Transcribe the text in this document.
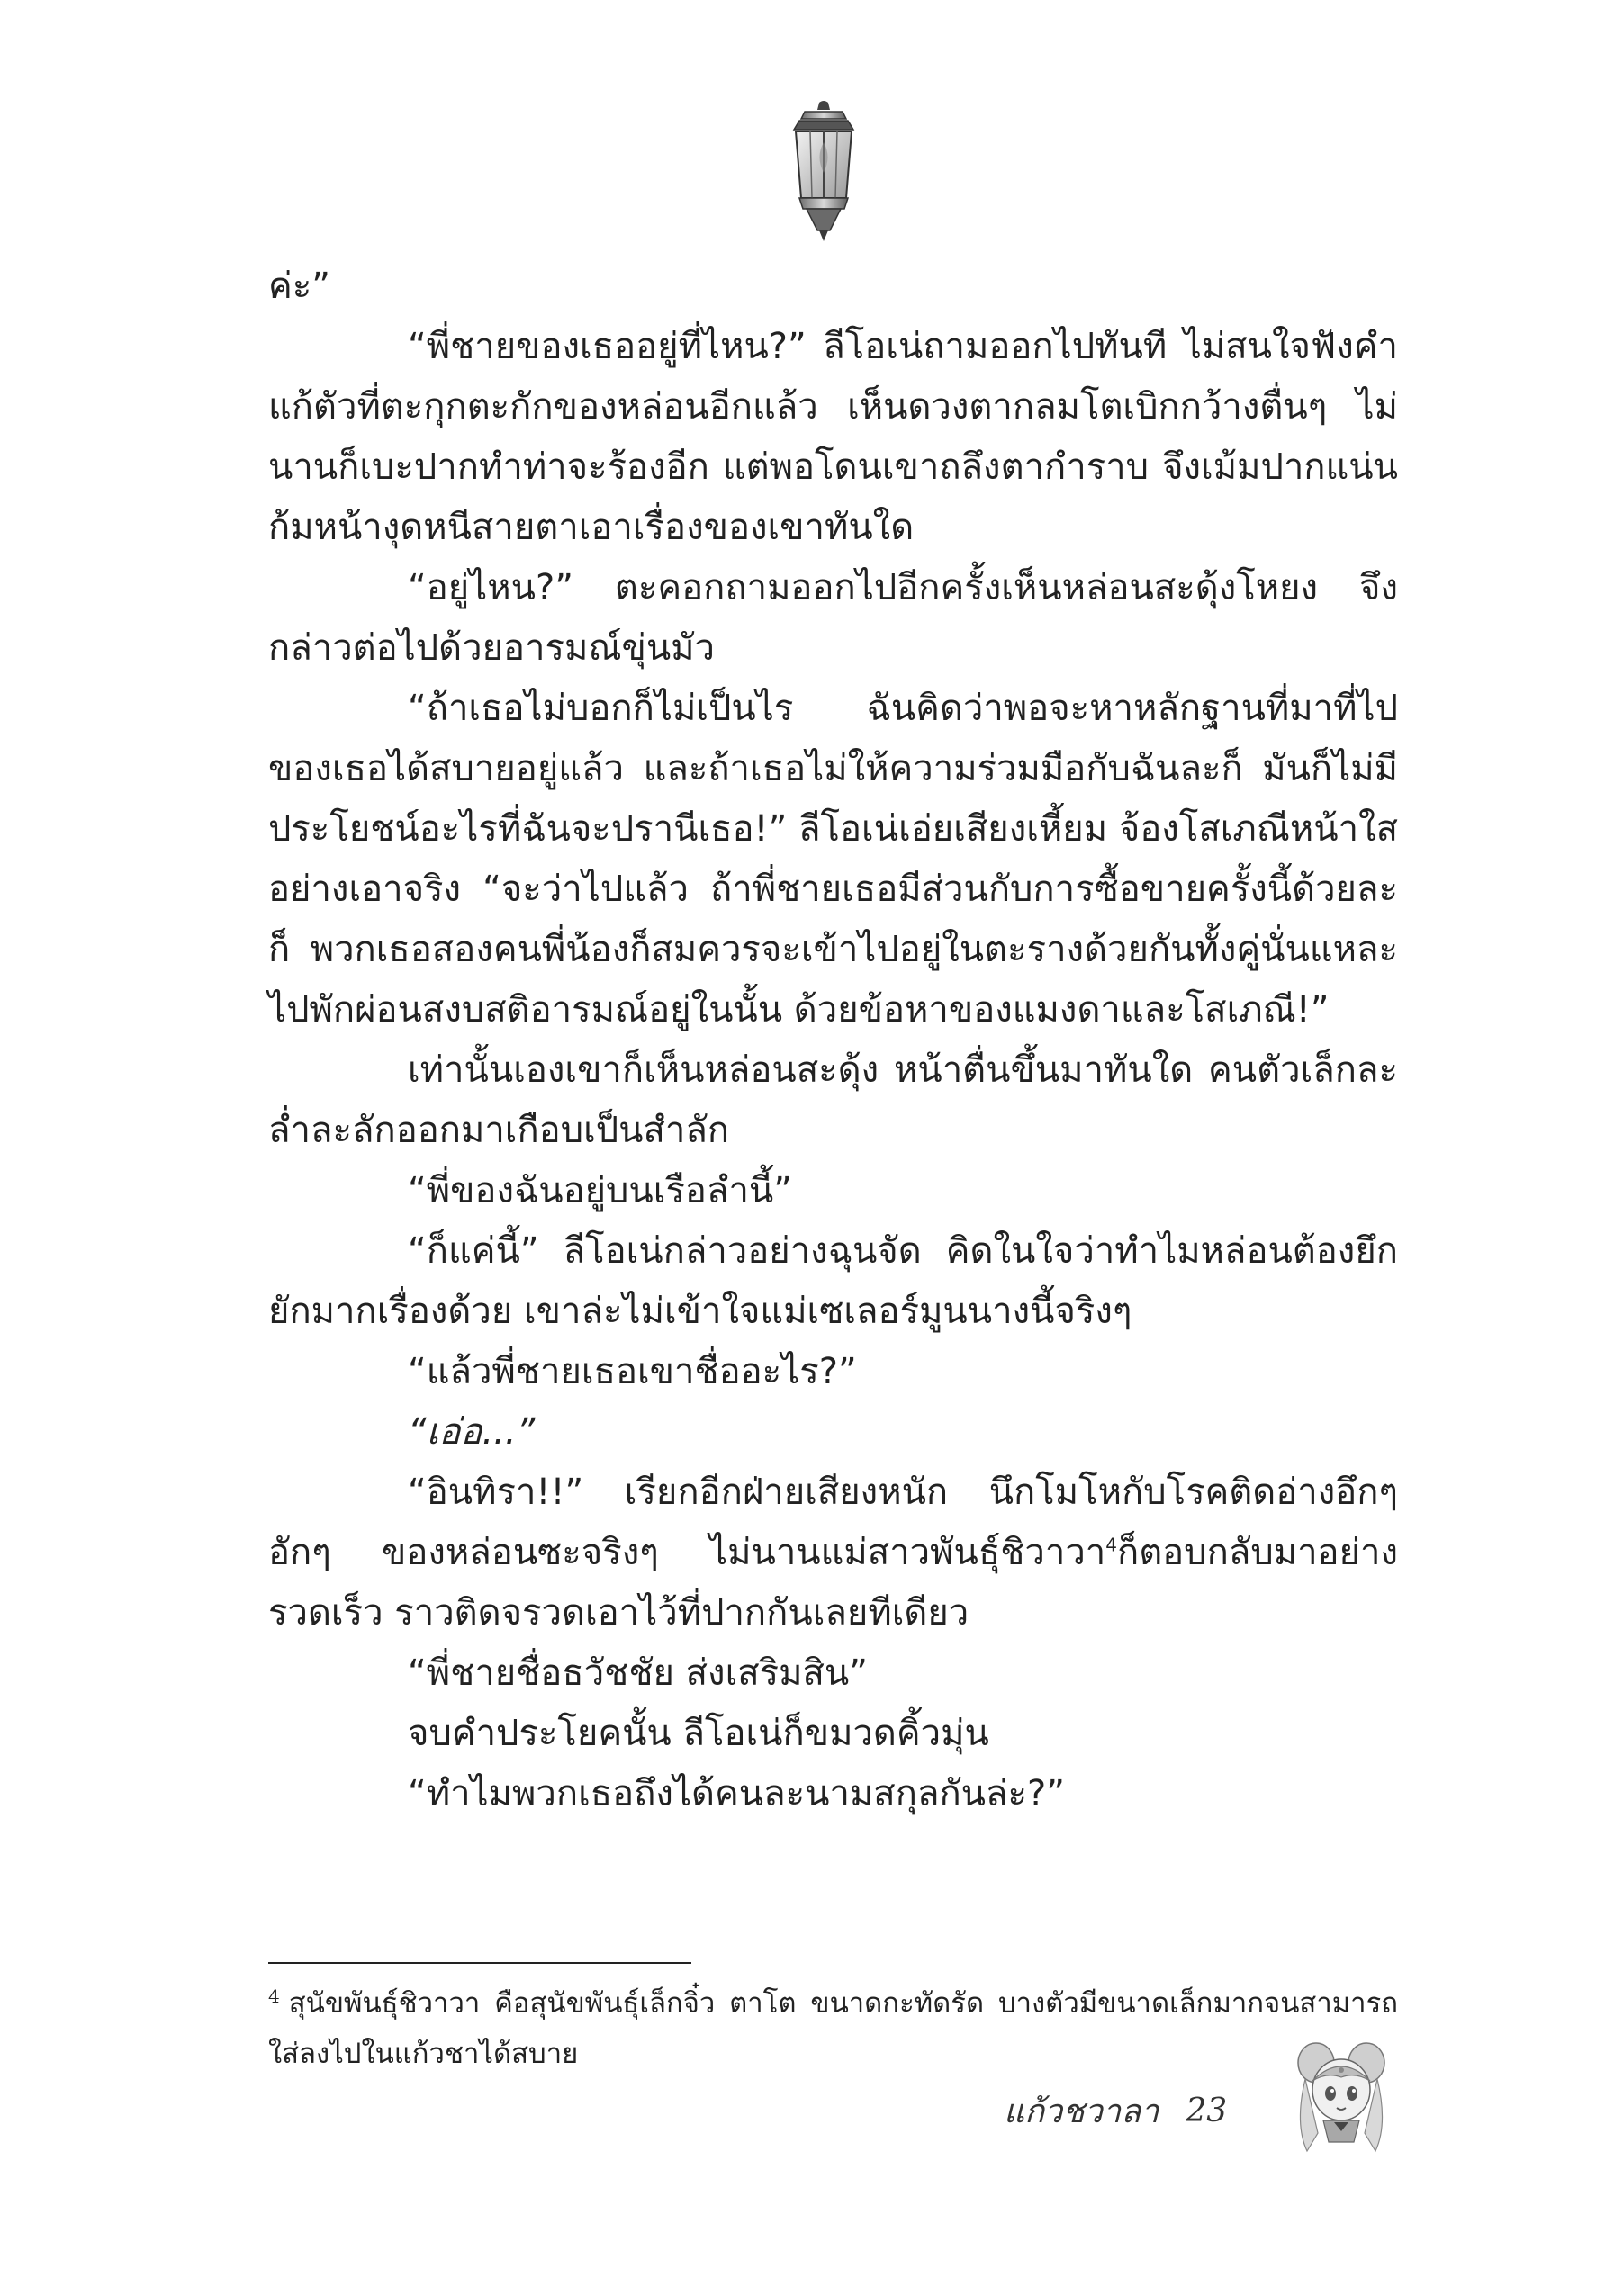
ค่ะ”

“พี่ชายของเธออยู่ที่ไหน?” ลีโอเน่ถามออกไปทันที ไม่สนใจฟังคำแก้ตัวที่ตะกุกตะกักของหล่อนอีกแล้ว เห็นดวงตากลมโตเบิกกว้างตื่นๆ ไม่นานก็เบะปากทำท่าจะร้องอีก แต่พอโดนเขาถลึงตากำราบ จึงเม้มปากแน่นก้มหน้างุดหนีสายตาเอาเรื่องของเขาทันใด

“อยู่ไหน?” ตะคอกถามออกไปอีกครั้งเห็นหล่อนสะดุ้งโหยง จึงกล่าวต่อไปด้วยอารมณ์ขุ่นมัว

“ถ้าเธอไม่บอกก็ไม่เป็นไร ฉันคิดว่าพอจะหาหลักฐานที่มาที่ไปของเธอได้สบายอยู่แล้ว และถ้าเธอไม่ให้ความร่วมมือกับฉันละก็ มันก็ไม่มีประโยชน์อะไรที่ฉันจะปรานีเธอ!” ลีโอเน่เอ่ยเสียงเหี้ยม จ้องโสเภณีหน้าใสอย่างเอาจริง “จะว่าไปแล้ว ถ้าพี่ชายเธอมีส่วนกับการซื้อขายครั้งนี้ด้วยละก็ พวกเธอสองคนพี่น้องก็สมควรจะเข้าไปอยู่ในตะรางด้วยกันทั้งคู่นั่นแหละ ไปพักผ่อนสงบสติอารมณ์อยู่ในนั้น ด้วยข้อหาของแมงดาและโสเภณี!”

เท่านั้นเองเขาก็เห็นหล่อนสะดุ้ง หน้าตื่นขึ้นมาทันใด คนตัวเล็กละล่ำละลักออกมาเกือบเป็นสำลัก

“พี่ของฉันอยู่บนเรือลำนี้”

“ก็แค่นี้” ลีโอเน่กล่าวอย่างฉุนจัด คิดในใจว่าทำไมหล่อนต้องยึกยักมากเรื่องด้วย เขาล่ะไม่เข้าใจแม่เซเลอร์มูนนางนี้จริงๆ

“แล้วพี่ชายเธอเขาชื่ออะไร?”

“เอ่อ...”

“อินทิรา!!” เรียกอีกฝ่ายเสียงหนัก นึกโมโหกับโรคติดอ่างอึกๆ อักๆ ของหล่อนซะจริงๆ ไม่นานแม่สาวพันธุ์ชิวาวา$^4$ก็ตอบกลับมาอย่างรวดเร็ว ราวติดจรวดเอาไว้ที่ปากกันเลยทีเดียว

“พี่ชายชื่อธวัชชัย ส่งเสริมสิน”

จบคำประโยคนั้น ลีโอเน่ก็ขมวดคิ้วมุ่น

“ทำไมพวกเธอถึงได้คนละนามสกุลกันล่ะ?”

$^4$ สุนัขพันธุ์ชิวาวา คือสุนัขพันธุ์เล็กจิ๋ว ตาโต ขนาดกะทัดรัด บางตัวมีขนาดเล็กมากจนสามารถใส่ลงไปในแก้วชาได้สบาย
แก้วชวาลา 23
